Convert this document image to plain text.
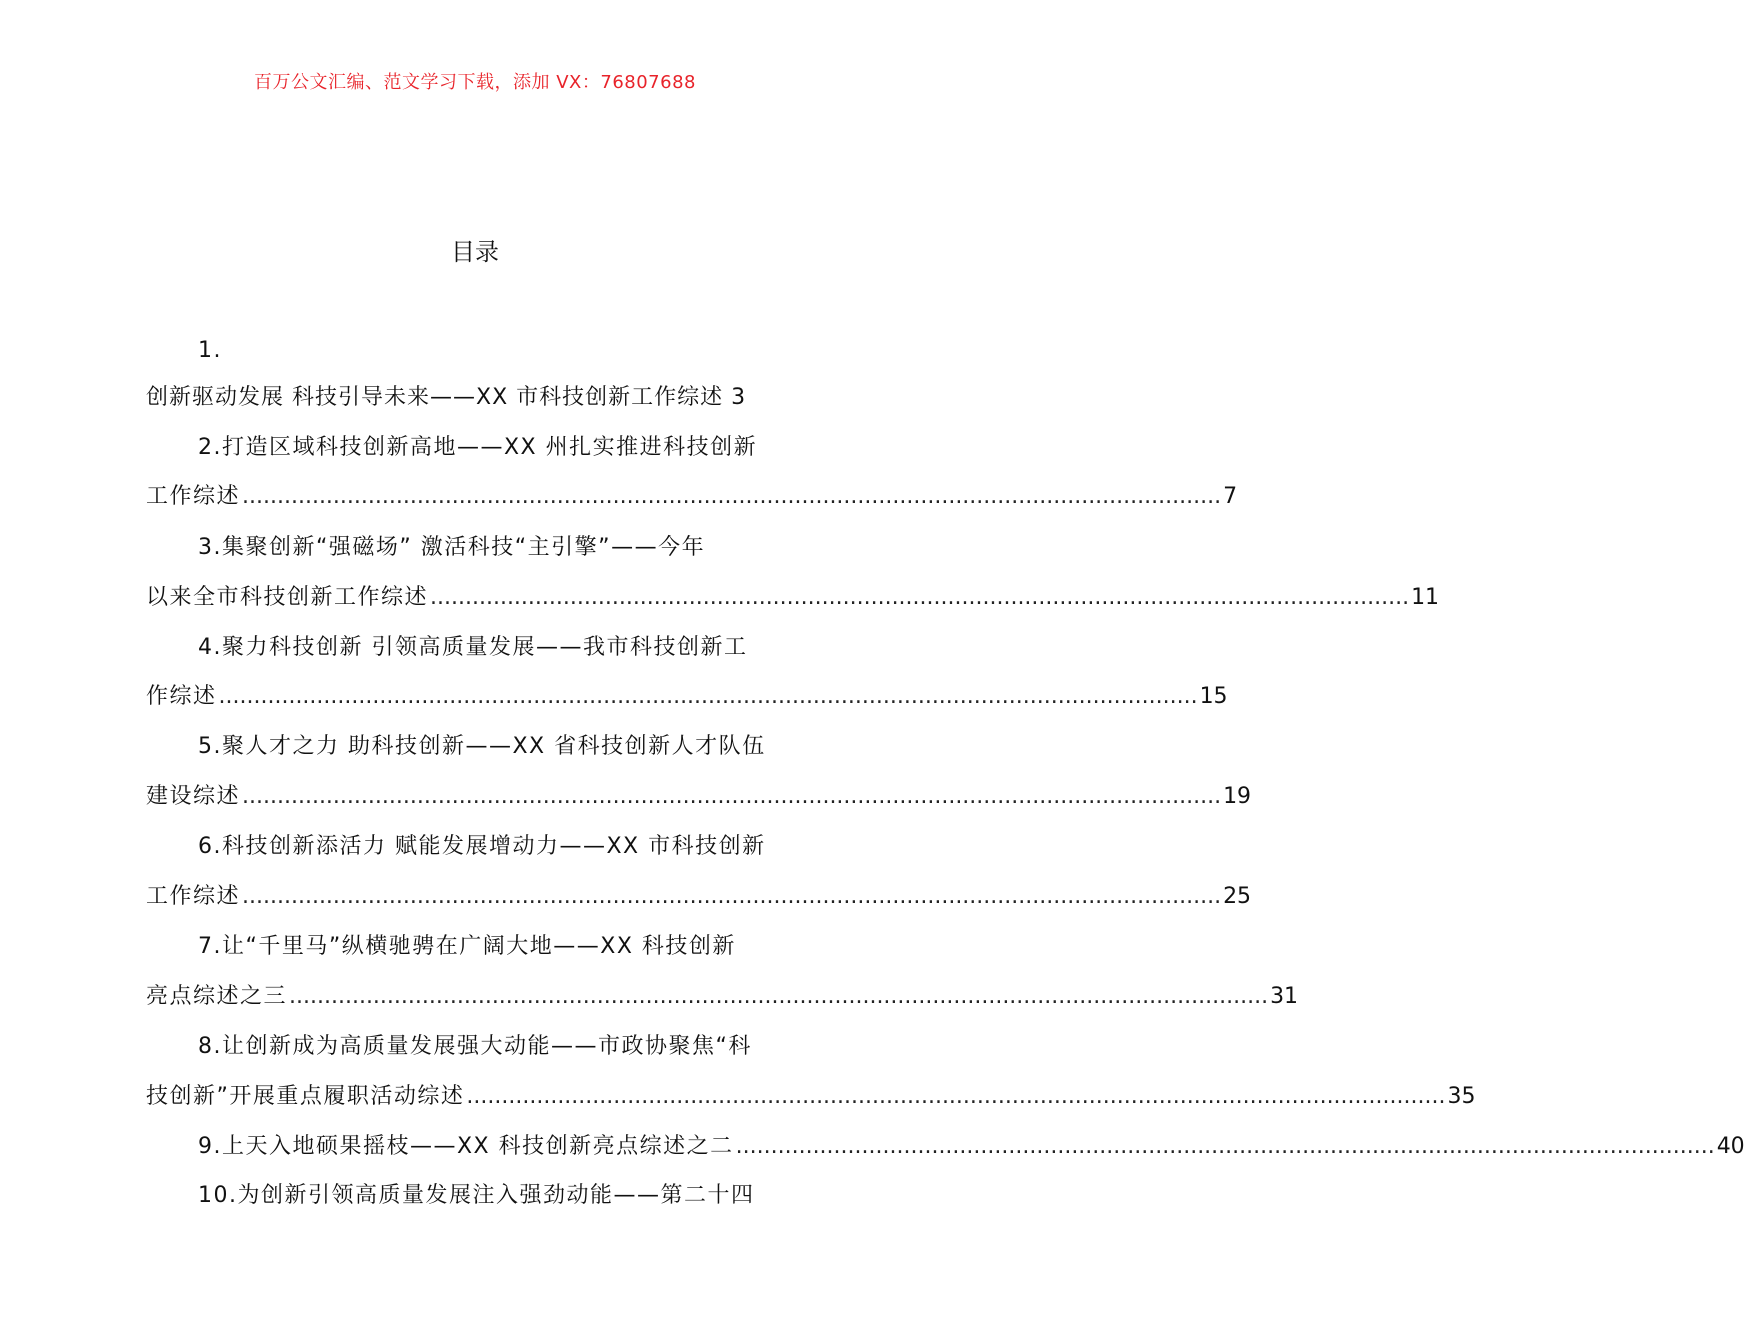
百万公文汇编、范文学习下载，添加 VX：76807688
目录
1.
创新驱动发展 科技引导未来——XX 市科技创新工作综述 3
2.打造区域科技创新高地——XX 州扎实推进科技创新
工作综述 ............................................................................................................................................ 7
3.集聚创新“强磁场” 激活科技“主引擎”——今年
以来全市科技创新工作综述 ............................................................................................................................................ 11
4.聚力科技创新 引领高质量发展——我市科技创新工
作综述 ............................................................................................................................................ 15
5.聚人才之力 助科技创新——XX 省科技创新人才队伍
建设综述 ............................................................................................................................................ 19
6.科技创新添活力 赋能发展增动力——XX 市科技创新
工作综述 ............................................................................................................................................ 25
7.让“千里马”纵横驰骋在广阔大地——XX 科技创新
亮点综述之三 ............................................................................................................................................ 31
8.让创新成为高质量发展强大动能——市政协聚焦“科
技创新”开展重点履职活动综述 ............................................................................................................................................ 35
9.上天入地硕果摇枝——XX 科技创新亮点综述之二 ............................................................................................................................................ 40
10.为创新引领高质量发展注入强劲动能——第二十四
